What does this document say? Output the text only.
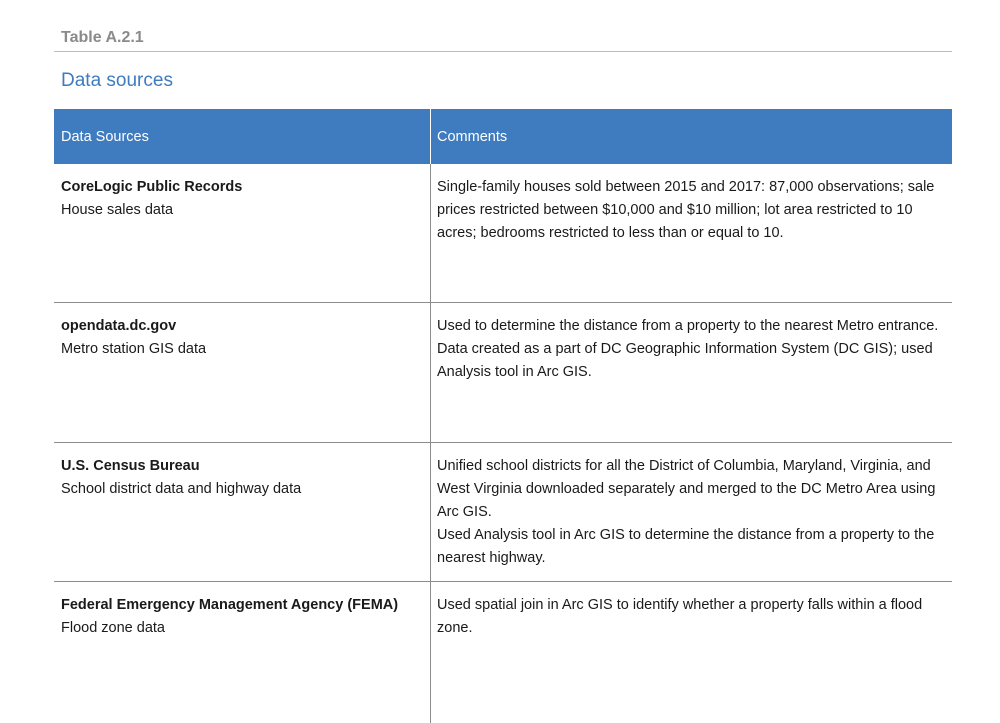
Table A.2.1
Data sources
Data Sources	Comments
CoreLogic Public Records
House sales data

Single-family houses sold between 2015 and 2017: 87,000 observations; sale prices restricted between $10,000 and $10 million; lot area restricted to 10 acres; bedrooms restricted to less than or equal to 10.

opendata.dc.gov
Metro station GIS data

Used to determine the distance from a property to the nearest Metro entrance. Data created as a part of DC Geographic Information System (DC GIS); used Analysis tool in Arc GIS.

U.S. Census Bureau
School district data and highway data

Unified school districts for all the District of Columbia, Maryland, Virginia, and West Virginia downloaded separately and merged to the DC Metro Area using Arc GIS.

Used Analysis tool in Arc GIS to determine the distance from a property to the nearest highway.

Federal Emergency Management Agency (FEMA)
Flood zone data

Used spatial join in Arc GIS to identify whether a property falls within a flood zone.
